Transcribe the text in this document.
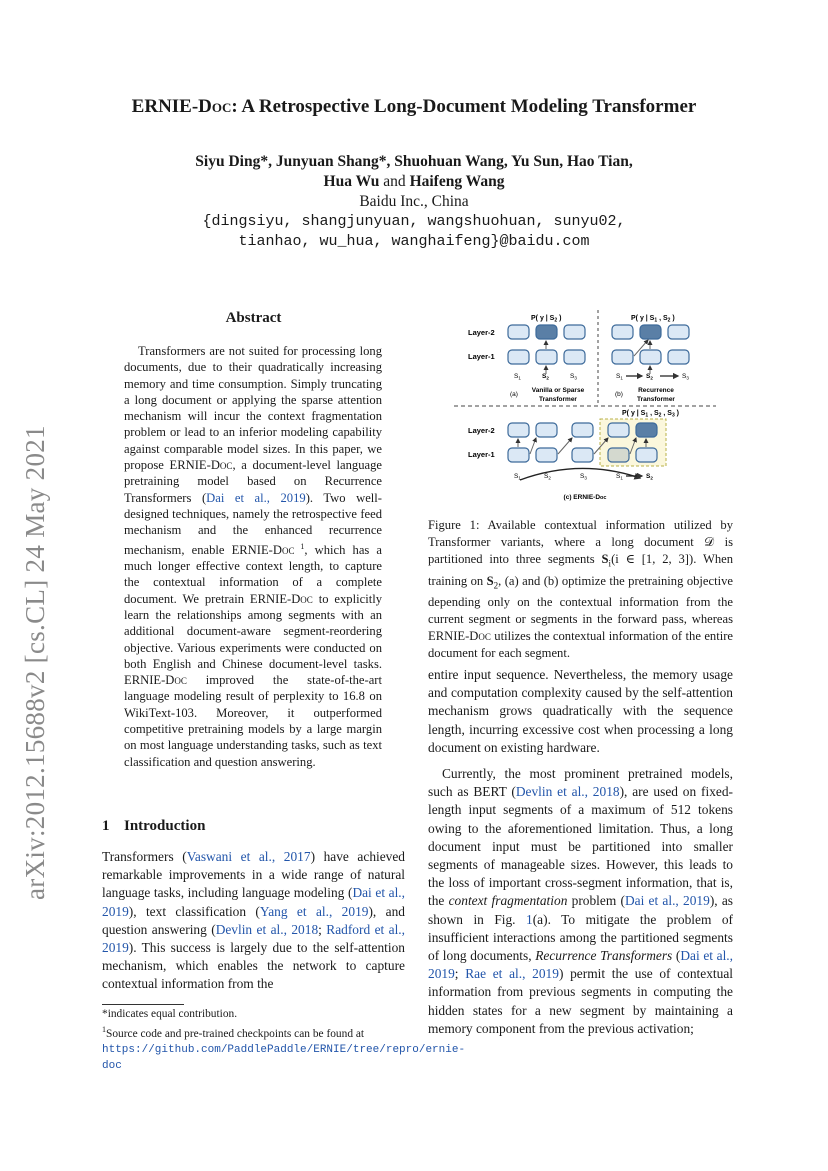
arXiv:2012.15688v2 [cs.CL] 24 May 2021
ERNIE-Doc: A Retrospective Long-Document Modeling Transformer
Siyu Ding*, Junyuan Shang*, Shuohuan Wang, Yu Sun, Hao Tian,
Hua Wu and Haifeng Wang
Baidu Inc., China
{dingsiyu, shangjunyuan, wangshuohuan, sunyu02,
tianhao, wu_hua, wanghaifeng}@baidu.com
Abstract

Transformers are not suited for processing long documents, due to their quadratically increasing memory and time consumption. Simply truncating a long document or applying the sparse attention mechanism will incur the context fragmentation problem or lead to an inferior modeling capability against comparable model sizes. In this paper, we propose ERNIE-Doc, a document-level language pretraining model based on Recurrence Transformers (Dai et al., 2019). Two well-designed techniques, namely the retrospective feed mechanism and the enhanced recurrence mechanism, enable ERNIE-Doc $^1$, which has a much longer effective context length, to capture the contextual information of a complete document. We pretrain ERNIE-Doc to explicitly learn the relationships among segments with an additional document-aware segment-reordering objective. Various experiments were conducted on both English and Chinese document-level tasks. ERNIE-Doc improved the state-of-the-art language modeling result of perplexity to 16.8 on WikiText-103. Moreover, it outperformed competitive pretraining models by a large margin on most language understanding tasks, such as text classification and question answering.

1 Introduction

Transformers (Vaswani et al., 2017) have achieved remarkable improvements in a wide range of natural language tasks, including language modeling (Dai et al., 2019), text classification (Yang et al., 2019), and question answering (Devlin et al., 2018; Radford et al., 2019). This success is largely due to the self-attention mechanism, which enables the network to capture contextual information from the

*indicates equal contribution.
$^1$Source code and pre-trained checkpoints can be found at https://github.com/PaddlePaddle/ERNIE/tree/repro/ernie-doc
Layer-2
Layer-1
Layer-2
Layer-1
P( y | $S_2$ )
$S_1$	$S_2$	$S_3$
(a)
Vanilla or Sparse
Transformer
P( y | $S_1$ , $S_2$ )
$S_1$	$S_2$	$S_3$
(b)
Recurrence
Transformer
P( y | $S_1$ , $S_2$ , $S_3$ )
$S_1$	$S_2$	$S_3$	$S_1$	$S_2$
(c) ERNIE-Doc
Figure 1: Available contextual information utilized by Transformer variants, where a long document 𝒟 is partitioned into three segments $S_i(i$ ∈ [1, 2, 3]). When training on $S_2$, (a) and (b) optimize the pretraining objective depending only on the contextual information from the current segment or segments in the forward pass, whereas ERNIE-Doc utilizes the contextual information of the entire document for each segment.

entire input sequence. Nevertheless, the memory usage and computation complexity caused by the self-attention mechanism grows quadratically with the sequence length, incurring excessive cost when processing a long document on existing hardware.

Currently, the most prominent pretrained models, such as BERT (Devlin et al., 2018), are used on fixed-length input segments of a maximum of 512 tokens owing to the aforementioned limitation. Thus, a long document input must be partitioned into smaller segments of manageable sizes. However, this leads to the loss of important cross-segment information, that is, the context fragmentation problem (Dai et al., 2019), as shown in Fig. 1(a). To mitigate the problem of insufficient interactions among the partitioned segments of long documents, Recurrence Transformers (Dai et al., 2019; Rae et al., 2019) permit the use of contextual information from previous segments in computing the hidden states for a new segment by maintaining a memory component from the previous activation;
